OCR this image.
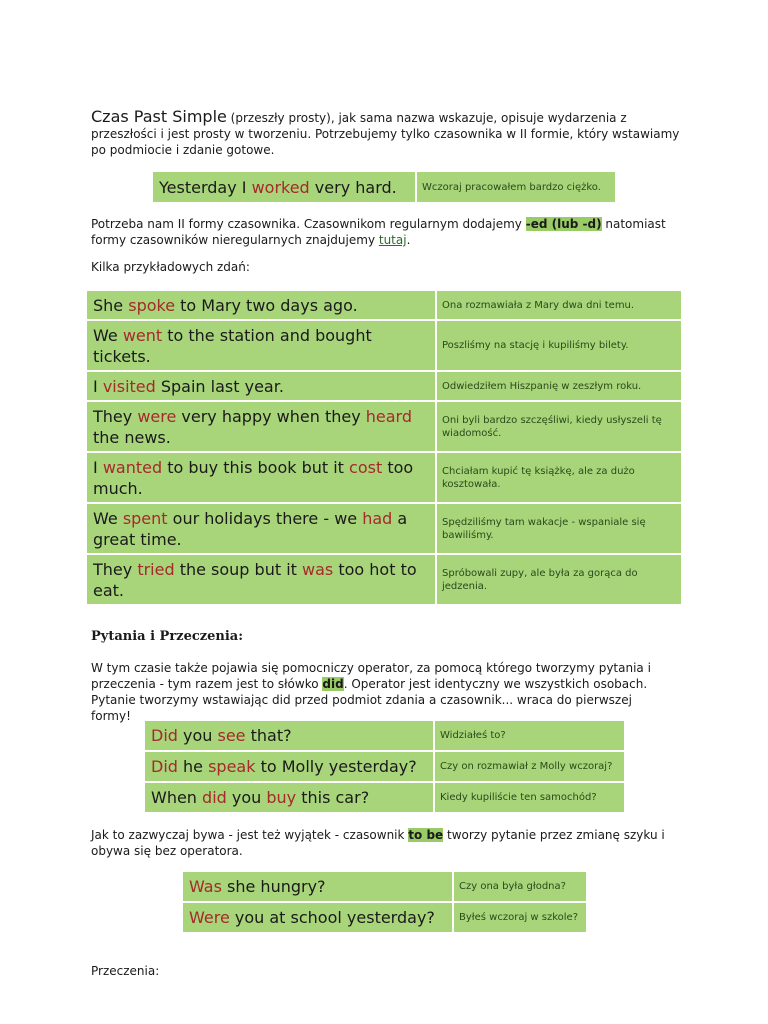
Czas Past Simple (przeszły prosty), jak sama nazwa wskazuje, opisuje wydarzenia z przeszłości i jest prosty w tworzeniu. Potrzebujemy tylko czasownika w II formie, który wstawiamy po podmiocie i zdanie gotowe.
Yesterday I worked very hard.	Wczoraj pracowałem bardzo ciężko.
Potrzeba nam II formy czasownika. Czasownikom regularnym dodajemy -ed (lub -d) natomiast formy czasowników nieregularnych znajdujemy tutaj.
Kilka przykładowych zdań:
She spoke to Mary two days ago.	Ona rozmawiała z Mary dwa dni temu.
We went to the station and bought tickets.	Poszliśmy na stację i kupiliśmy bilety.
I visited Spain last year.	Odwiedziłem Hiszpanię w zeszłym roku.
They were very happy when they heard the news.	Oni byli bardzo szczęśliwi, kiedy usłyszeli tę wiadomość.
I wanted to buy this book but it cost too much.	Chciałam kupić tę książkę, ale za dużo kosztowała.
We spent our holidays there - we had a great time.	Spędziliśmy tam wakacje - wspaniale się bawiliśmy.
They tried the soup but it was too hot to eat.	Spróbowali zupy, ale była za gorąca do jedzenia.
Pytania i Przeczenia:
W tym czasie także pojawia się pomocniczy operator, za pomocą którego tworzymy pytania i przeczenia - tym razem jest to słówko did. Operator jest identyczny we wszystkich osobach. Pytanie tworzymy wstawiając did przed podmiot zdania a czasownik... wraca do pierwszej formy!
Did you see that?	Widziałeś to?
Did he speak to Molly yesterday?	Czy on rozmawiał z Molly wczoraj?
When did you buy this car?	Kiedy kupiliście ten samochód?
Jak to zazwyczaj bywa - jest też wyjątek - czasownik to be tworzy pytanie przez zmianę szyku i obywa się bez operatora.
Was she hungry?	Czy ona była głodna?
Were you at school yesterday?	Byłeś wczoraj w szkole?
Przeczenia:
